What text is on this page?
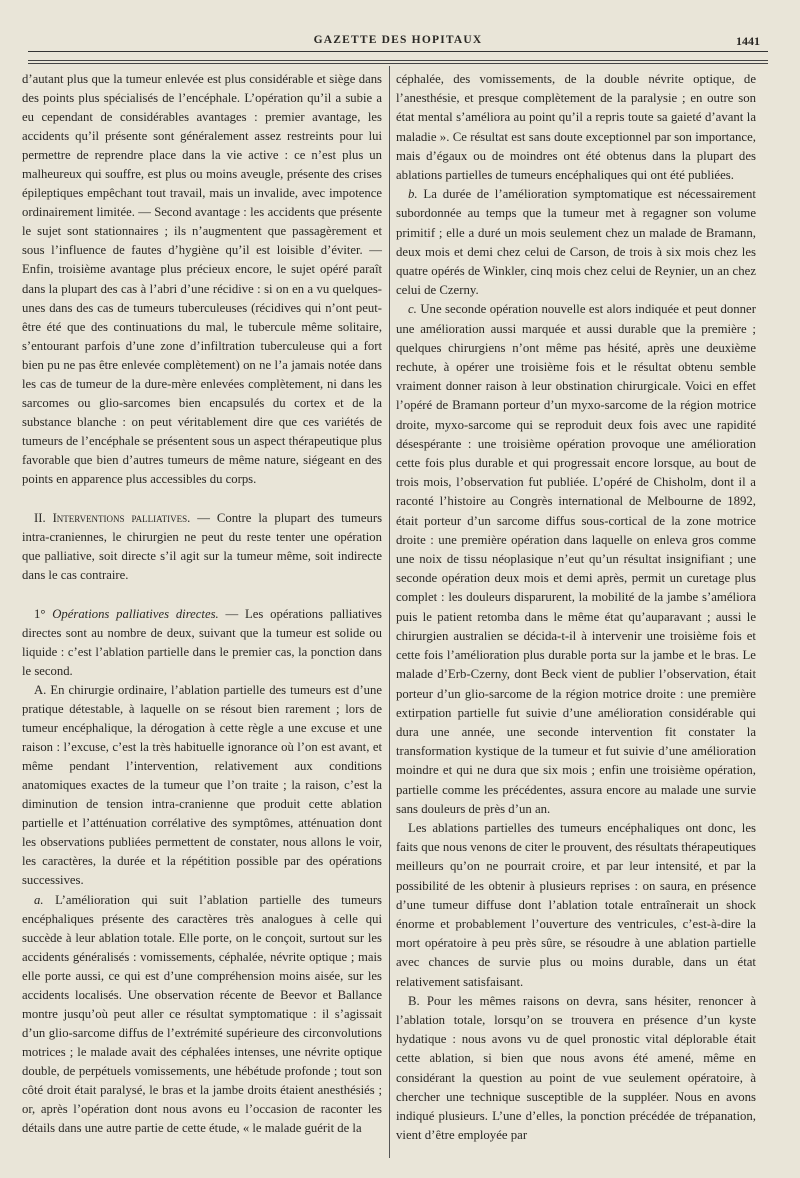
GAZETTE DES HOPITAUX	1441

d’autant plus que la tumeur enlevée est plus considérable et siège dans des points plus spécialisés de l’encéphale. L’opération qu’il a subie a eu cependant de considérables avantages : premier avantage, les accidents qu’il présente sont généralement assez restreints pour lui permettre de reprendre place dans la vie active : ce n’est plus un malheureux qui souffre, est plus ou moins aveugle, présente des crises épileptiques empêchant tout travail, mais un invalide, avec impotence ordinairement limitée. — Second avantage : les accidents que présente le sujet sont stationnaires ; ils n’augmentent que passagèrement et sous l’influence de fautes d’hygiène qu’il est loisible d’éviter. — Enfin, troisième avantage plus précieux encore, le sujet opéré paraît dans la plupart des cas à l’abri d’une récidive : si on en a vu quelques-unes dans des cas de tumeurs tuberculeuses (récidives qui n’ont peut-être été que des continuations du mal, le tubercule même solitaire, s’entourant parfois d’une zone d’infiltration tuberculeuse qui a fort bien pu ne pas être enlevée complètement) on ne l’a jamais notée dans les cas de tumeur de la dure-mère enlevées complètement, ni dans les sarcomes ou glio-sarcomes bien encapsulés du cortex et de la substance blanche : on peut véritablement dire que ces variétés de tumeurs de l’encéphale se présentent sous un aspect thérapeutique plus favorable que bien d’autres tumeurs de même nature, siégeant en des points en apparence plus accessibles du corps.

II. Interventions palliatives. — Contre la plupart des tumeurs intra-craniennes, le chirurgien ne peut du reste tenter une opération que palliative, soit directe s’il agit sur la tumeur même, soit indirecte dans le cas contraire.

1° Opérations palliatives directes. — Les opérations palliatives directes sont au nombre de deux, suivant que la tumeur est solide ou liquide : c’est l’ablation partielle dans le premier cas, la ponction dans le second.

A. En chirurgie ordinaire, l’ablation partielle des tumeurs est d’une pratique détestable, à laquelle on se résout bien rarement ; lors de tumeur encéphalique, la dérogation à cette règle a une excuse et une raison : l’excuse, c’est la très habituelle ignorance où l’on est avant, et même pendant l’intervention, relativement aux conditions anatomiques exactes de la tumeur que l’on traite ; la raison, c’est la diminution de tension intra-cranienne que produit cette ablation partielle et l’atténuation corrélative des symptômes, atténuation dont les observations publiées permettent de constater, nous allons le voir, les caractères, la durée et la répétition possible par des opérations successives.

a. L’amélioration qui suit l’ablation partielle des tumeurs encéphaliques présente des caractères très analogues à celle qui succède à leur ablation totale. Elle porte, on le conçoit, surtout sur les accidents généralisés : vomissements, céphalée, névrite optique ; mais elle porte aussi, ce qui est d’une compréhension moins aisée, sur les accidents localisés. Une observation récente de Beevor et Ballance montre jusqu’où peut aller ce résultat symptomatique : il s’agissait d’un glio-sarcome diffus de l’extrémité supérieure des circonvolutions motrices ; le malade avait des céphalées intenses, une névrite optique double, de perpétuels vomissements, une hébétude profonde ; tout son côté droit était paralysé, le bras et la jambe droits étaient anesthésiés ; or, après l’opération dont nous avons eu l’occasion de raconter les détails dans une autre partie de cette étude, « le malade guérit de la

céphalée, des vomissements, de la double névrite optique, de l’anesthésie, et presque complètement de la paralysie ; en outre son état mental s’améliora au point qu’il a repris toute sa gaieté d’avant la maladie ». Ce résultat est sans doute exceptionnel par son importance, mais d’égaux ou de moindres ont été obtenus dans la plupart des ablations partielles de tumeurs encéphaliques qui ont été publiées.

b. La durée de l’amélioration symptomatique est nécessairement subordonnée au temps que la tumeur met à regagner son volume primitif ; elle a duré un mois seulement chez un malade de Bramann, deux mois et demi chez celui de Carson, de trois à six mois chez les quatre opérés de Winkler, cinq mois chez celui de Reynier, un an chez celui de Czerny.

c. Une seconde opération nouvelle est alors indiquée et peut donner une amélioration aussi marquée et aussi durable que la première ; quelques chirurgiens n’ont même pas hésité, après une deuxième rechute, à opérer une troisième fois et le résultat obtenu semble vraiment donner raison à leur obstination chirurgicale. Voici en effet l’opéré de Bramann porteur d’un myxo-sarcome de la région motrice droite, myxo-sarcome qui se reproduit deux fois avec une rapidité désespérante : une troisième opération provoque une amélioration cette fois plus durable et qui progressait encore lorsque, au bout de trois mois, l’observation fut publiée. L’opéré de Chisholm, dont il a raconté l’histoire au Congrès international de Melbourne de 1892, était porteur d’un sarcome diffus sous-cortical de la zone motrice droite : une première opération dans laquelle on enleva gros comme une noix de tissu néoplasique n’eut qu’un résultat insignifiant ; une seconde opération deux mois et demi après, permit un curetage plus complet : les douleurs disparurent, la mobilité de la jambe s’améliora puis le patient retomba dans le même état qu’auparavant ; aussi le chirurgien australien se décida-t-il à intervenir une troisième fois et cette fois l’amélioration plus durable porta sur la jambe et le bras. Le malade d’Erb-Czerny, dont Beck vient de publier l’observation, était porteur d’un glio-sarcome de la région motrice droite : une première extirpation partielle fut suivie d’une amélioration considérable qui dura une année, une seconde intervention fit constater la transformation kystique de la tumeur et fut suivie d’une amélioration moindre et qui ne dura que six mois ; enfin une troisième opération, partielle comme les précédentes, assura encore au malade une survie sans douleurs de près d’un an.

Les ablations partielles des tumeurs encéphaliques ont donc, les faits que nous venons de citer le prouvent, des résultats thérapeutiques meilleurs qu’on ne pourrait croire, et par leur intensité, et par la possibilité de les obtenir à plusieurs reprises : on saura, en présence d’une tumeur diffuse dont l’ablation totale entraînerait un shock énorme et probablement l’ouverture des ventricules, c’est-à-dire la mort opératoire à peu près sûre, se résoudre à une ablation partielle avec chances de survie plus ou moins durable, dans un état relativement satisfaisant.

B. Pour les mêmes raisons on devra, sans hésiter, renoncer à l’ablation totale, lorsqu’on se trouvera en présence d’un kyste hydatique : nous avons vu de quel pronostic vital déplorable était cette ablation, si bien que nous avons été amené, même en considérant la question au point de vue seulement opératoire, à chercher une technique susceptible de la suppléer. Nous en avons indiqué plusieurs. L’une d’elles, la ponction précédée de trépanation, vient d’être employée par
